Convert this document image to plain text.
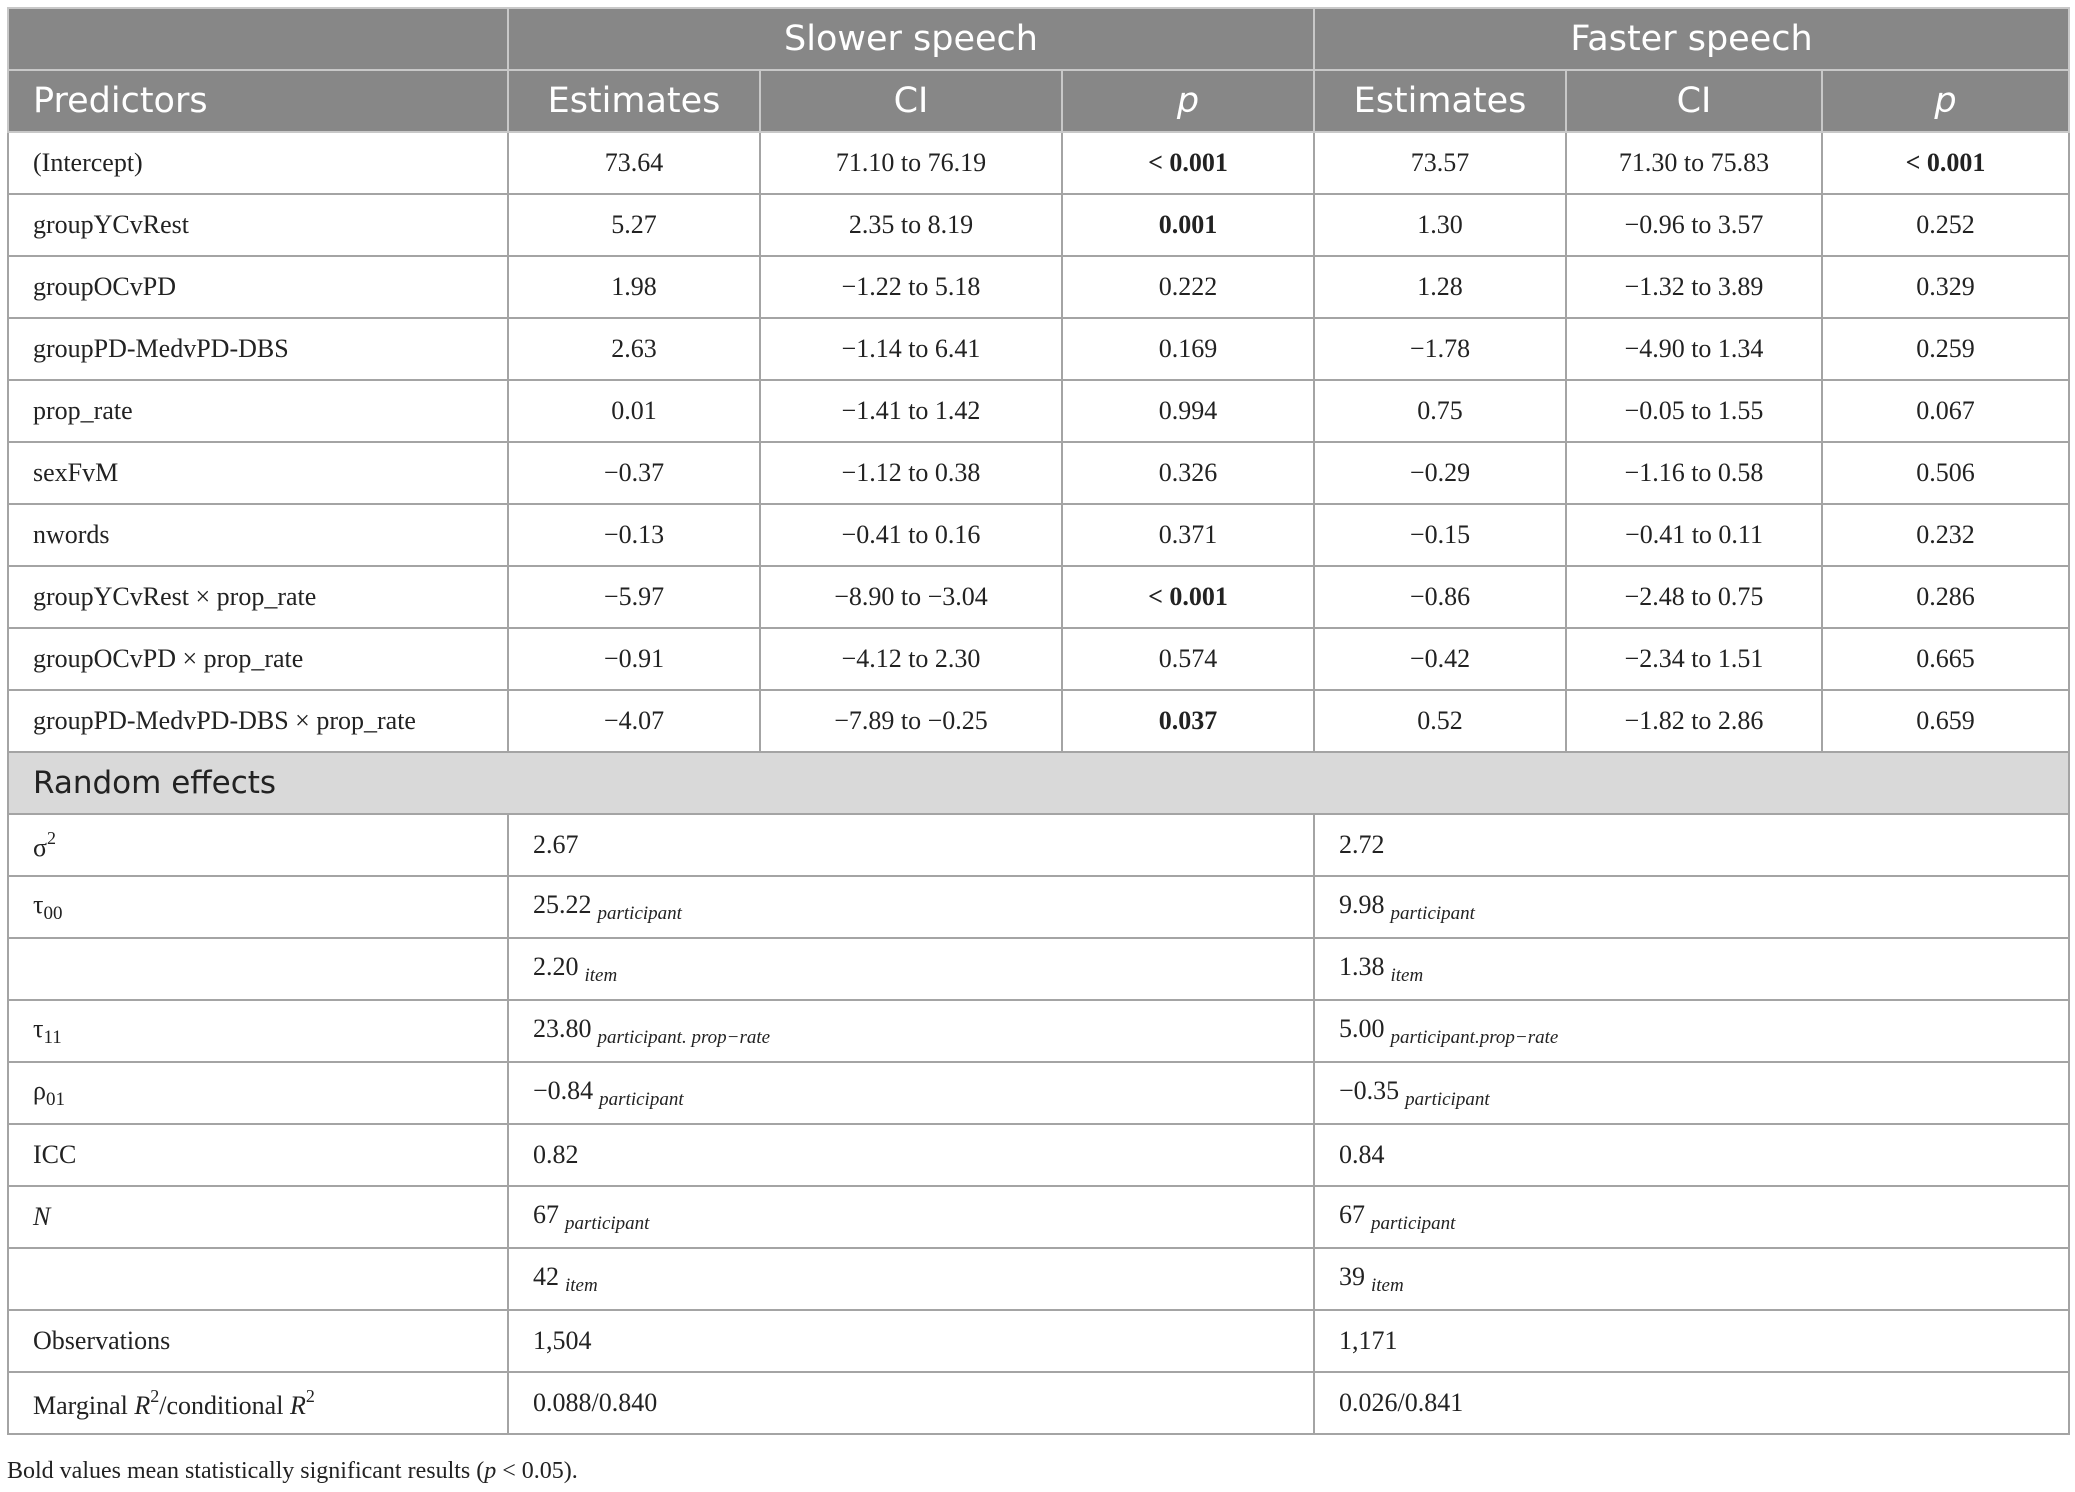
	Slower speech			Faster speech		
Predictors	Estimates	CI	p	Estimates	CI	p
(Intercept)	73.64	71.10 to 76.19	< 0.001	73.57	71.30 to 75.83	< 0.001
groupYCvRest	5.27	2.35 to 8.19	0.001	1.30	−0.96 to 3.57	0.252
groupOCvPD	1.98	−1.22 to 5.18	0.222	1.28	−1.32 to 3.89	0.329
groupPD-MedvPD-DBS	2.63	−1.14 to 6.41	0.169	−1.78	−4.90 to 1.34	0.259
prop_rate	0.01	−1.41 to 1.42	0.994	0.75	−0.05 to 1.55	0.067
sexFvM	−0.37	−1.12 to 0.38	0.326	−0.29	−1.16 to 0.58	0.506
nwords	−0.13	−0.41 to 0.16	0.371	−0.15	−0.41 to 0.11	0.232
groupYCvRest × prop_rate	−5.97	−8.90 to −3.04	< 0.001	−0.86	−2.48 to 0.75	0.286
groupOCvPD × prop_rate	−0.91	−4.12 to 2.30	0.574	−0.42	−2.34 to 1.51	0.665
groupPD-MedvPD-DBS × prop_rate	−4.07	−7.89 to −0.25	0.037	0.52	−1.82 to 2.86	0.659
Random effects						
$\sigma^2$	2.67			2.72		
$\tau_{00}$	25.22 $_{participant}$			9.98 $_{participant}$
	2.20 $_{item}$			1.38 $_{item}$
$\tau_{11}$	23.80 $_{participant. prop-rate}$			5.00 $_{participant.prop-rate}$
$\rho_{01}$	−0.84 $_{participant}$			−0.35 $_{participant}$
ICC	0.82			0.84		
N	67 $_{participant}$			67 $_{participant}$
	42 $_{item}$			39 $_{item}$
Observations	1,504			1,171		
Marginal $R^2$/conditional $R^2$	0.088/0.840			0.026/0.841		
Bold values mean statistically significant results (p < 0.05).
